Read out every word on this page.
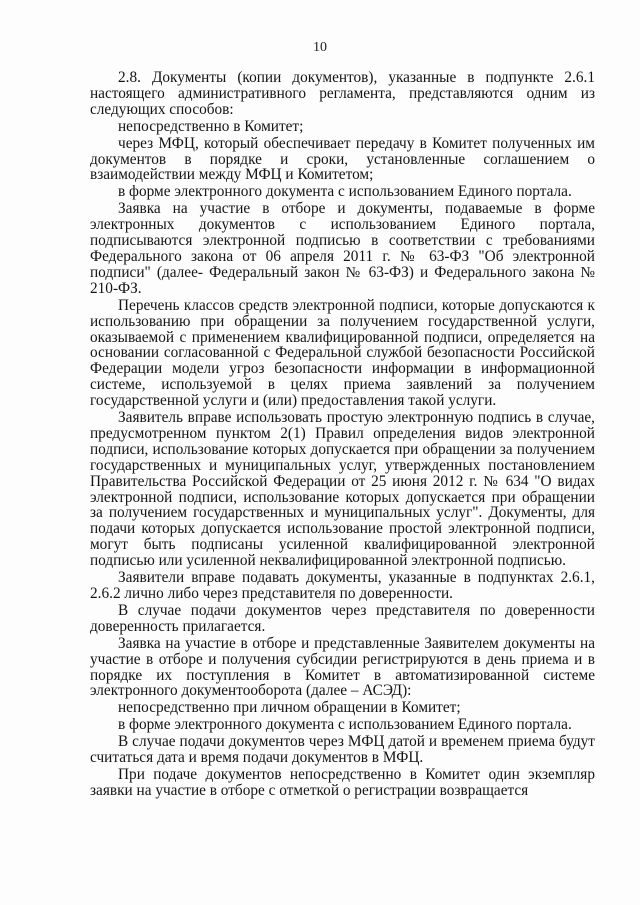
10

2.8. Документы (копии документов), указанные в подпункте 2.6.1 настоящего административного регламента, представляются одним из следующих способов:

непосредственно в Комитет;

через МФЦ, который обеспечивает передачу в Комитет полученных им документов в порядке и сроки, установленные соглашением о взаимодействии между МФЦ и Комитетом;

в форме электронного документа с использованием Единого портала.

Заявка на участие в отборе и документы, подаваемые в форме электронных документов с использованием Единого портала, подписываются электронной подписью в соответствии с требованиями Федерального закона от 06 апреля 2011 г. № 63-ФЗ "Об электронной подписи" (далее- Федеральный закон № 63-ФЗ) и Федерального закона № 210-ФЗ.

Перечень классов средств электронной подписи, которые допускаются к использованию при обращении за получением государственной услуги, оказываемой с применением квалифицированной подписи, определяется на основании согласованной с Федеральной службой безопасности Российской Федерации модели угроз безопасности информации в информационной системе, используемой в целях приема заявлений за получением государственной услуги и (или) предоставления такой услуги.

Заявитель вправе использовать простую электронную подпись в случае, предусмотренном пунктом 2(1) Правил определения видов электронной подписи, использование которых допускается при обращении за получением государственных и муниципальных услуг, утвержденных постановлением Правительства Российской Федерации от 25 июня 2012 г. № 634 "О видах электронной подписи, использование которых допускается при обращении за получением государственных и муниципальных услуг". Документы, для подачи которых допускается использование простой электронной подписи, могут быть подписаны усиленной квалифицированной электронной подписью или усиленной неквалифицированной электронной подписью.

Заявители вправе подавать документы, указанные в подпунктах 2.6.1, 2.6.2 лично либо через представителя по доверенности.

В случае подачи документов через представителя по доверенности доверенность прилагается.

Заявка на участие в отборе и представленные Заявителем документы на участие в отборе и получения субсидии регистрируются в день приема и в порядке их поступления в Комитет в автоматизированной системе электронного документооборота (далее – АСЭД):

непосредственно при личном обращении в Комитет;

в форме электронного документа с использованием Единого портала.

В случае подачи документов через МФЦ датой и временем приема будут считаться дата и время подачи документов в МФЦ.

При подаче документов непосредственно в Комитет один экземпляр заявки на участие в отборе с отметкой о регистрации возвращается
